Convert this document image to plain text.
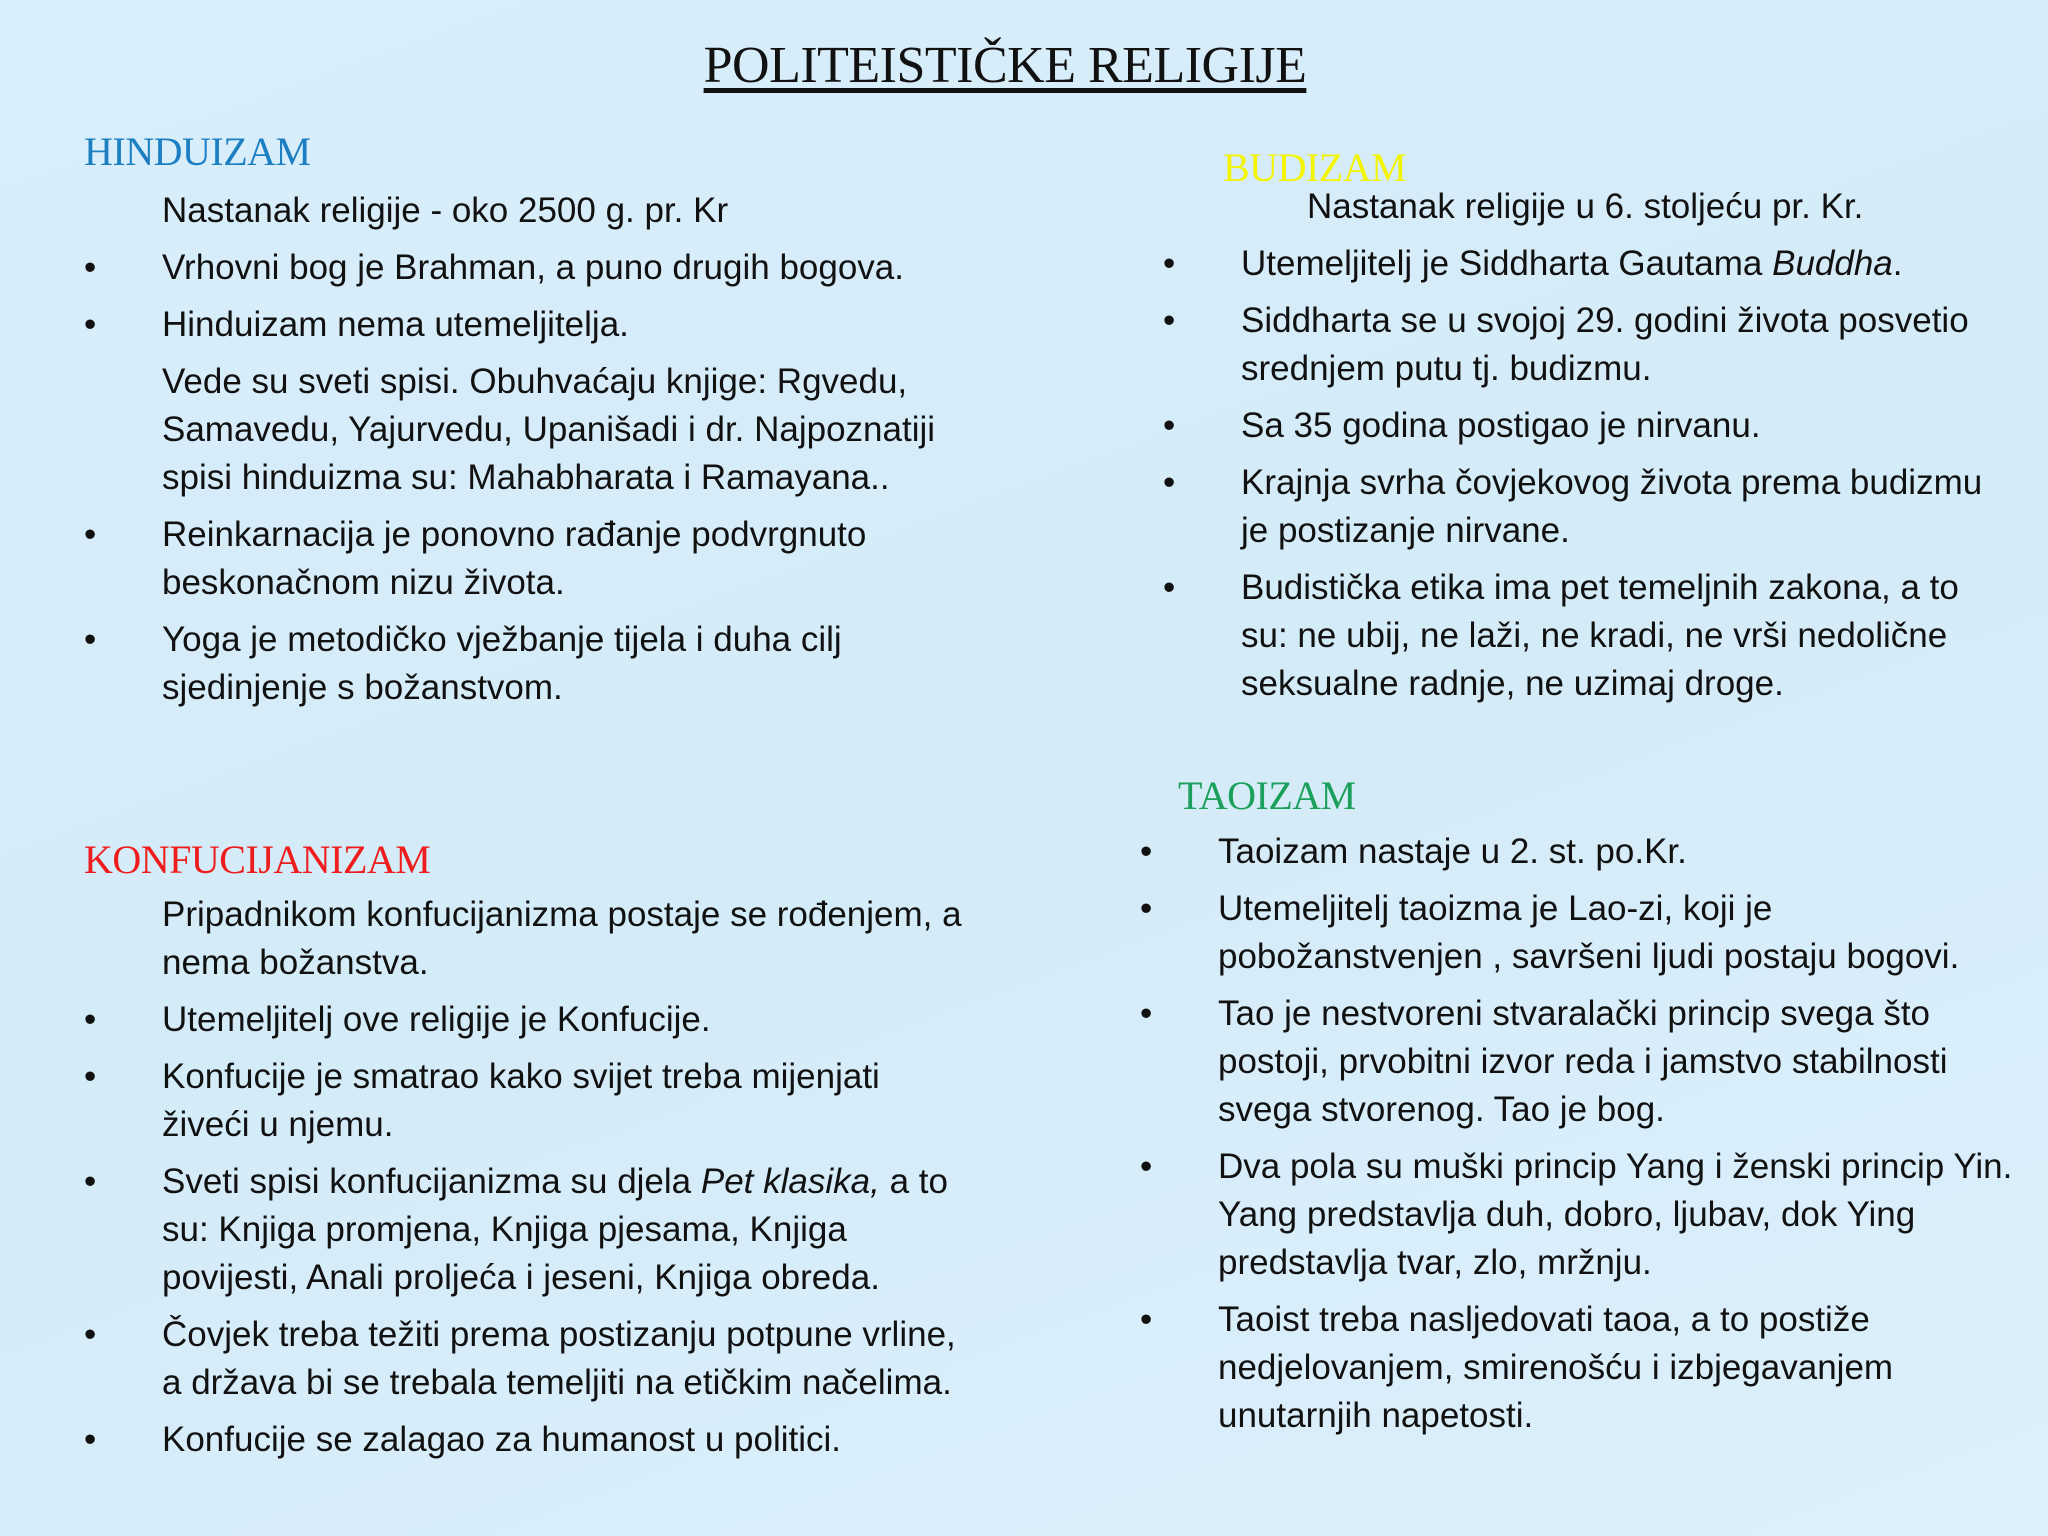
POLITEISTIČKE RELIGIJE
HINDUIZAM

Nastanak religije - oko 2500 g. pr. Kr

• Vrhovni bog je Brahman, a puno drugih bogova.
• Hinduizam nema utemeljitelja.
Vede su sveti spisi. Obuhvaćaju knjige: Rgvedu, Samavedu, Yajurvedu, Upanišadi i dr. Najpoznatiji spisi hinduizma su: Mahabharata i Ramayana..
• Reinkarnacija je ponovno rađanje podvrgnuto beskonačnom nizu života.
• Yoga je metodičko vježbanje tijela i duha cilj sjedinjenje s božanstvom.
KONFUCIJANIZAM

Pripadnikom konfucijanizma postaje se rođenjem, a nema božanstva.

• Utemeljitelj ove religije je Konfucije.
• Konfucije je smatrao kako svijet treba mijenjati živeći u njemu.
• Sveti spisi konfucijanizma su djela Pet klasika, a to su: Knjiga promjena, Knjiga pjesama, Knjiga povijesti, Anali proljeća i jeseni, Knjiga obreda.
• Čovjek treba težiti prema postizanju potpune vrline, a država bi se trebala temeljiti na etičkim načelima.
• Konfucije se zalagao za humanost u politici.
BUDIZAM

Nastanak religije u 6. stoljeću pr. Kr.

• Utemeljitelj je Siddharta Gautama Buddha.
• Siddharta se u svojoj 29. godini života posvetio srednjem putu tj. budizmu.
• Sa 35 godina postigao je nirvanu.
• Krajnja svrha čovjekovog života prema budizmu je postizanje nirvane.
• Budistička etika ima pet temeljnih zakona, a to su: ne ubij, ne laži, ne kradi, ne vrši nedolične seksualne radnje, ne uzimaj droge.
TAOIZAM
• Taoizam nastaje u 2. st. po.Kr.
• Utemeljitelj taoizma je Lao-zi, koji je pobožanstvenjen , savršeni ljudi postaju bogovi.
• Tao je nestvoreni stvaralački princip svega što postoji, prvobitni izvor reda i jamstvo stabilnosti svega stvorenog. Tao je bog.
• Dva pola su muški princip Yang i ženski princip Yin. Yang predstavlja duh, dobro, ljubav, dok Ying predstavlja tvar, zlo, mržnju.
• Taoist treba nasljedovati taoa, a to postiže nedjelovanjem, smirenošću i izbjegavanjem unutarnjih napetosti.
